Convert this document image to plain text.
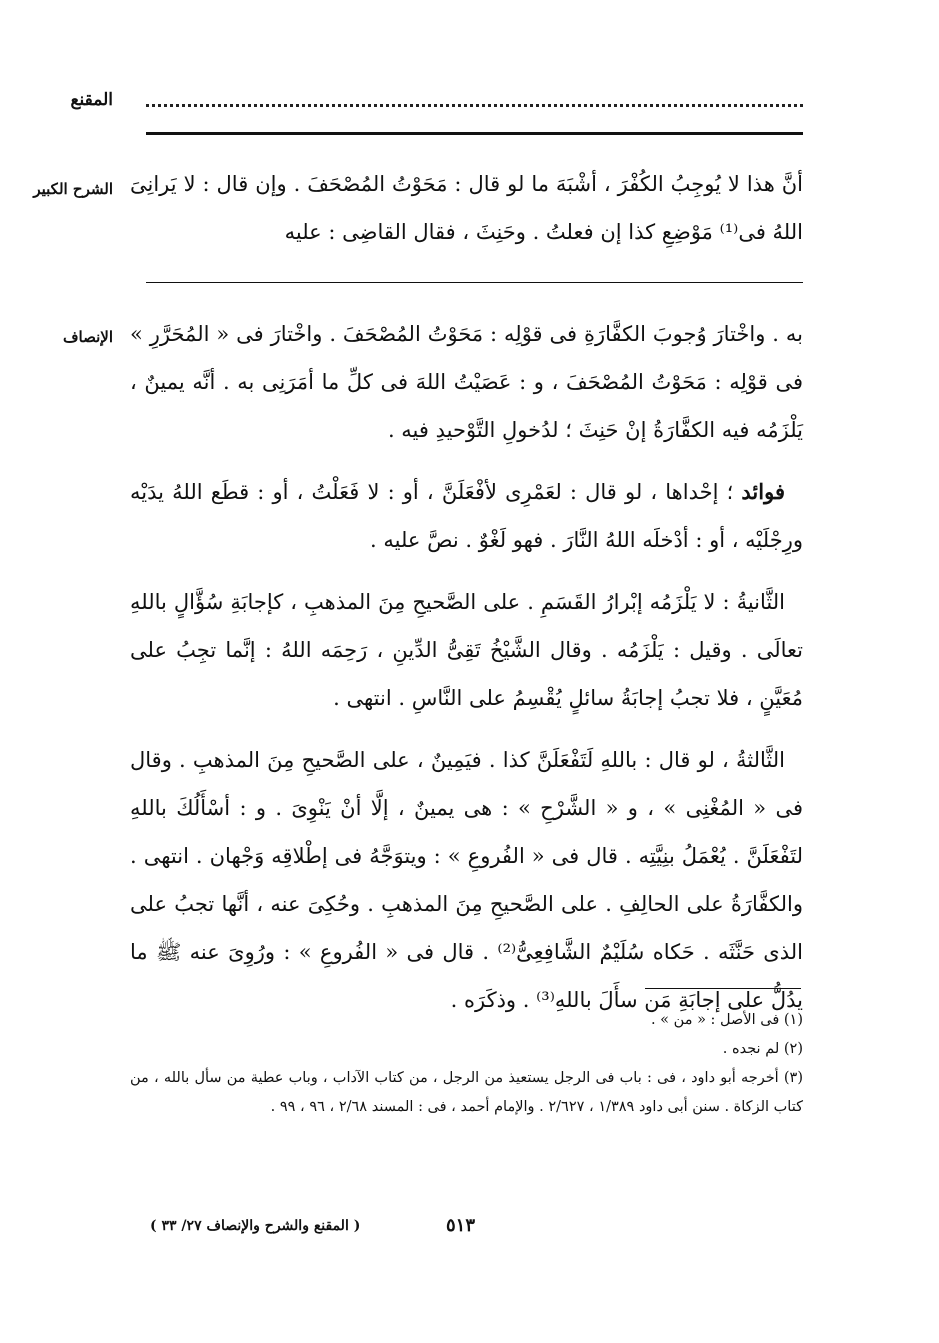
المقنع
الشرح الكبير أنَّ هذا لا يُوجِبُ الكُفْرَ ، أشْبَهَ ما لو قال : مَحَوْتُ المُصْحَفَ . وإن قال : لا يَرانِىَ اللهُ فى⁽¹⁾ مَوْضِعِ كذا إن فعلتُ . وحَنِثَ ، فقال القاضِى : عليه

الإنصاف به . واخْتارَ وُجوبَ الكفَّارَةِ فى قوْلِه : مَحَوْتُ المُصْحَفَ . واخْتارَ فى « المُحَرَّرِ » فى قوْلِه : مَحَوْتُ المُصْحَفَ ، و : عَصَيْتُ اللهَ فى كلِّ ما أمَرَنِى به . أنَّه يمينٌ ، يَلْزَمُه فيه الكفَّارَةُ إنْ حَنِثَ ؛ لدُخولِ التَّوْحيدِ فيه .

فوائد ؛ إحْداها ، لو قال : لعَمْرِى لأفْعَلَنَّ ، أو : لا فَعَلْتُ ، أو : قطَع اللهُ يدَيْه ورِجْلَيْه ، أو : أدْخلَه اللهُ النَّارَ . فهو لَغْوٌ . نصَّ عليه .

الثَّانيةُ : لا يَلْزَمُه إبْرارُ القَسَمِ . على الصَّحيحِ مِنَ المذهبِ ، كإجابَةِ سُؤَّالٍ باللهِ تعالَى . وقيل : يَلْزَمُه . وقال الشَّيْخُ تَقِىُّ الدِّينِ ، رَحِمَه اللهُ : إنَّما تجِبُ على مُعَيَّنٍ ، فلا تجبُ إجابَةُ سائلٍ يُقْسِمُ على النَّاسِ . انتهى .

الثَّالثةُ ، لو قال : باللهِ لَتَفْعَلَنَّ كذا . فيَمِينٌ ، على الصَّحيحِ مِنَ المذهبِ . وقال فى « المُغْنِى » ، و « الشَّرْحِ » : هى يمينٌ ، إلَّا أنْ يَنْوِىَ . و : أسْأَلُكَ باللهِ لتَفْعَلَنَّ . يُعْمَلُ بنِيَّتِه . قال فى « الفُروعِ » : ويتوَجَّهُ فى إطْلاقِه وَجْهان . انتهى . والكفَّارَةُ على الحالِفِ . على الصَّحيحِ مِنَ المذهبِ . وحُكِىَ عنه ، أنَّها تجبُ على الذى حَنَّثَه . حَكاه سُلَيْمٌ الشَّافِعِىُّ⁽²⁾ . قال فى « الفُروعِ » : ورُوِىَ عنه ﷺ ما يدُلُّ على إجابَةِ مَن سأَلَ باللهِ⁽³⁾ . وذكَرَه .

(١) فى الأصل : « من » .

(٢) لم نجده .

(٣) أخرجه أبو داود ، فى : باب فى الرجل يستعيذ من الرجل ، من كتاب الآداب ، وباب عطية من سأل بالله ، من كتاب الزكاة . سنن أبى داود ١/٣٨٩ ، ٢/٦٢٧ . والإمام أحمد ، فى : المسند ٢/٦٨ ، ٩٦ ، ٩٩ .

٥١٣
( المقنع والشرح والإنصاف ٢٧/ ٣٣ )
